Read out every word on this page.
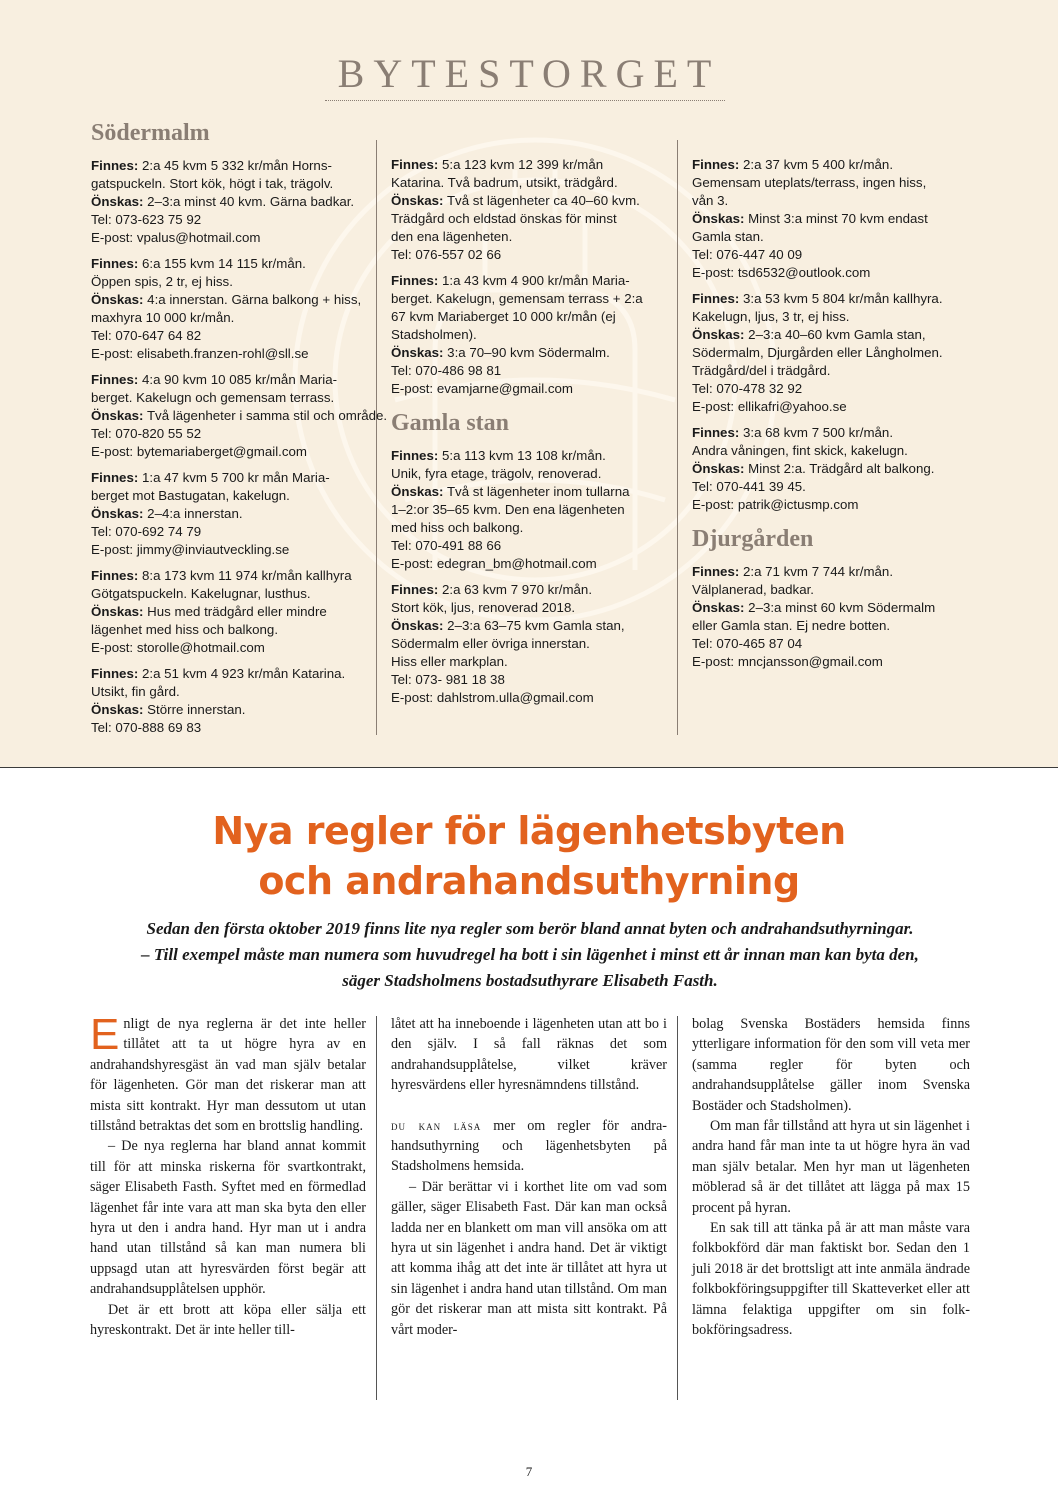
BYTESTORGET
Södermalm

Finnes: 2:a 45 kvm 5 332 kr/mån Horns-

gatspuckeln. Stort kök, högt i tak, trägolv.

Önskas: 2–3:a minst 40 kvm. Gärna badkar.

Tel: 073-623 75 92

E-post: vpalus@hotmail.com

Finnes: 6:a 155 kvm 14 115 kr/mån.

Öppen spis, 2 tr, ej hiss.

Önskas: 4:a innerstan. Gärna balkong + hiss,

maxhyra 10 000 kr/mån.

Tel: 070-647 64 82

E-post: elisabeth.franzen-rohl@sll.se

Finnes: 4:a 90 kvm 10 085 kr/mån Maria-

berget. Kakelugn och gemensam terrass.

Önskas: Två lägenheter i samma stil och område.

Tel: 070-820 55 52

E-post: bytemariaberget@gmail.com

Finnes: 1:a 47 kvm 5 700 kr mån Maria-

berget mot Bastugatan, kakelugn.

Önskas: 2–4:a innerstan.

Tel: 070-692 74 79

E-post: jimmy@inviautveckling.se

Finnes: 8:a 173 kvm 11 974 kr/mån kallhyra

Götgatspuckeln. Kakelugnar, lusthus.

Önskas: Hus med trädgård eller mindre

lägenhet med hiss och balkong.

E-post: storolle@hotmail.com

Finnes: 2:a 51 kvm 4 923 kr/mån Katarina.

Utsikt, fin gård.

Önskas: Större innerstan.

Tel: 070-888 69 83

Finnes: 5:a 123 kvm 12 399 kr/mån

Katarina. Två badrum, utsikt, trädgård.

Önskas: Två st lägenheter ca 40–60 kvm.

Trädgård och eldstad önskas för minst

den ena lägenheten.

Tel: 076-557 02 66

Finnes: 1:a 43 kvm 4 900 kr/mån Maria-

berget. Kakelugn, gemensam terrass + 2:a

67 kvm Mariaberget 10 000 kr/mån (ej

Stadsholmen).

Önskas: 3:a 70–90 kvm Södermalm.

Tel: 070-486 98 81

E-post: evamjarne@gmail.com

Gamla stan

Finnes: 5:a 113 kvm 13 108 kr/mån.

Unik, fyra etage, trägolv, renoverad.

Önskas: Två st lägenheter inom tullarna

1–2:or 35–65 kvm. Den ena lägenheten

med hiss och balkong.

Tel: 070-491 88 66

E-post: edegran_bm@hotmail.com

Finnes: 2:a 63 kvm 7 970 kr/mån.

Stort kök, ljus, renoverad 2018.

Önskas: 2–3:a 63–75 kvm Gamla stan,

Södermalm eller övriga innerstan.

Hiss eller markplan.

Tel: 073- 981 18 38

E-post: dahlstrom.ulla@gmail.com

Finnes: 2:a 37 kvm 5 400 kr/mån.

Gemensam uteplats/terrass, ingen hiss,

vån 3.

Önskas: Minst 3:a minst 70 kvm endast

Gamla stan.

Tel: 076-447 40 09

E-post: tsd6532@outlook.com

Finnes: 3:a 53 kvm 5 804 kr/mån kallhyra.

Kakelugn, ljus, 3 tr, ej hiss.

Önskas: 2–3:a 40–60 kvm Gamla stan,

Södermalm, Djurgården eller Långholmen.

Trädgård/del i trädgård.

Tel: 070-478 32 92

E-post: ellikafri@yahoo.se

Finnes: 3:a 68 kvm 7 500 kr/mån.

Andra våningen, fint skick, kakelugn.

Önskas: Minst 2:a. Trädgård alt balkong.

Tel: 070-441 39 45.

E-post: patrik@ictusmp.com

Djurgården

Finnes: 2:a 71 kvm 7 744 kr/mån.

Välplanerad, badkar.

Önskas: 2–3:a minst 60 kvm Södermalm

eller Gamla stan. Ej nedre botten.

Tel: 070-465 87 04

E-post: mncjansson@gmail.com

Nya regler för lägenhetsbyten
och andrahandsuthyrning
Sedan den första oktober 2019 finns lite nya regler som berör bland annat byten och andrahandsuthyrningar.
– Till exempel måste man numera som huvudregel ha bott i sin lägenhet i minst ett år innan man kan byta den,
säger Stadsholmens bostadsuthyrare Elisabeth Fasth.

Enligt de nya reglerna är det inte heller tillåtet att ta ut högre hyra av en andrahandshyresgäst än vad man själv betalar för lägenheten. Gör man det riskerar man att mista sitt kontrakt. Hyr man dessutom ut utan tillstånd betraktas det som en brottslig handling.

– De nya reglerna har bland annat kommit till för att minska riskerna för svartkontrakt, säger Elisabeth Fasth. Syftet med en förmedlad lägenhet får inte vara att man ska byta den eller hyra ut den i andra hand. Hyr man ut i andra hand utan tillstånd så kan man numera bli uppsagd utan att hyresvärden först begär att andrahandsupplåtelsen upphör.

Det är ett brott att köpa eller sälja ett hyreskontrakt. Det är inte heller till-

låtet att ha inneboende i lägenheten utan att bo i den själv. I så fall räknas det som andrahandsupplåtelse, vilket kräver hyresvärdens eller hyresnämndens tillstånd.

du kan läsa mer om regler för andrahandsuthyrning och lägenhetsbyten på Stadsholmens hemsida.

– Där berättar vi i korthet lite om vad som gäller, säger Elisabeth Fast. Där kan man också ladda ner en blankett om man vill ansöka om att hyra ut sin lägenhet i andra hand. Det är viktigt att komma ihåg att det inte är tillåtet att hyra ut sin lägenhet i andra hand utan tillstånd. Om man gör det riskerar man att mista sitt kontrakt. På vårt moder-

bolag Svenska Bostäders hemsida finns ytterligare information för den som vill veta mer (samma regler för byten och andrahandsupplåtelse gäller inom Svenska Bostäder och Stadsholmen).

Om man får tillstånd att hyra ut sin lägenhet i andra hand får man inte ta ut högre hyra än vad man själv betalar. Men hyr man ut lägenheten möblerad så är det tillåtet att lägga på max 15 procent på hyran.

En sak till att tänka på är att man måste vara folkbokförd där man faktiskt bor. Sedan den 1 juli 2018 är det brottsligt att inte anmäla ändrade folkbokföringsuppgifter till Skatteverket eller att lämna felaktiga uppgifter om sin folkbokföringsadress.

7
